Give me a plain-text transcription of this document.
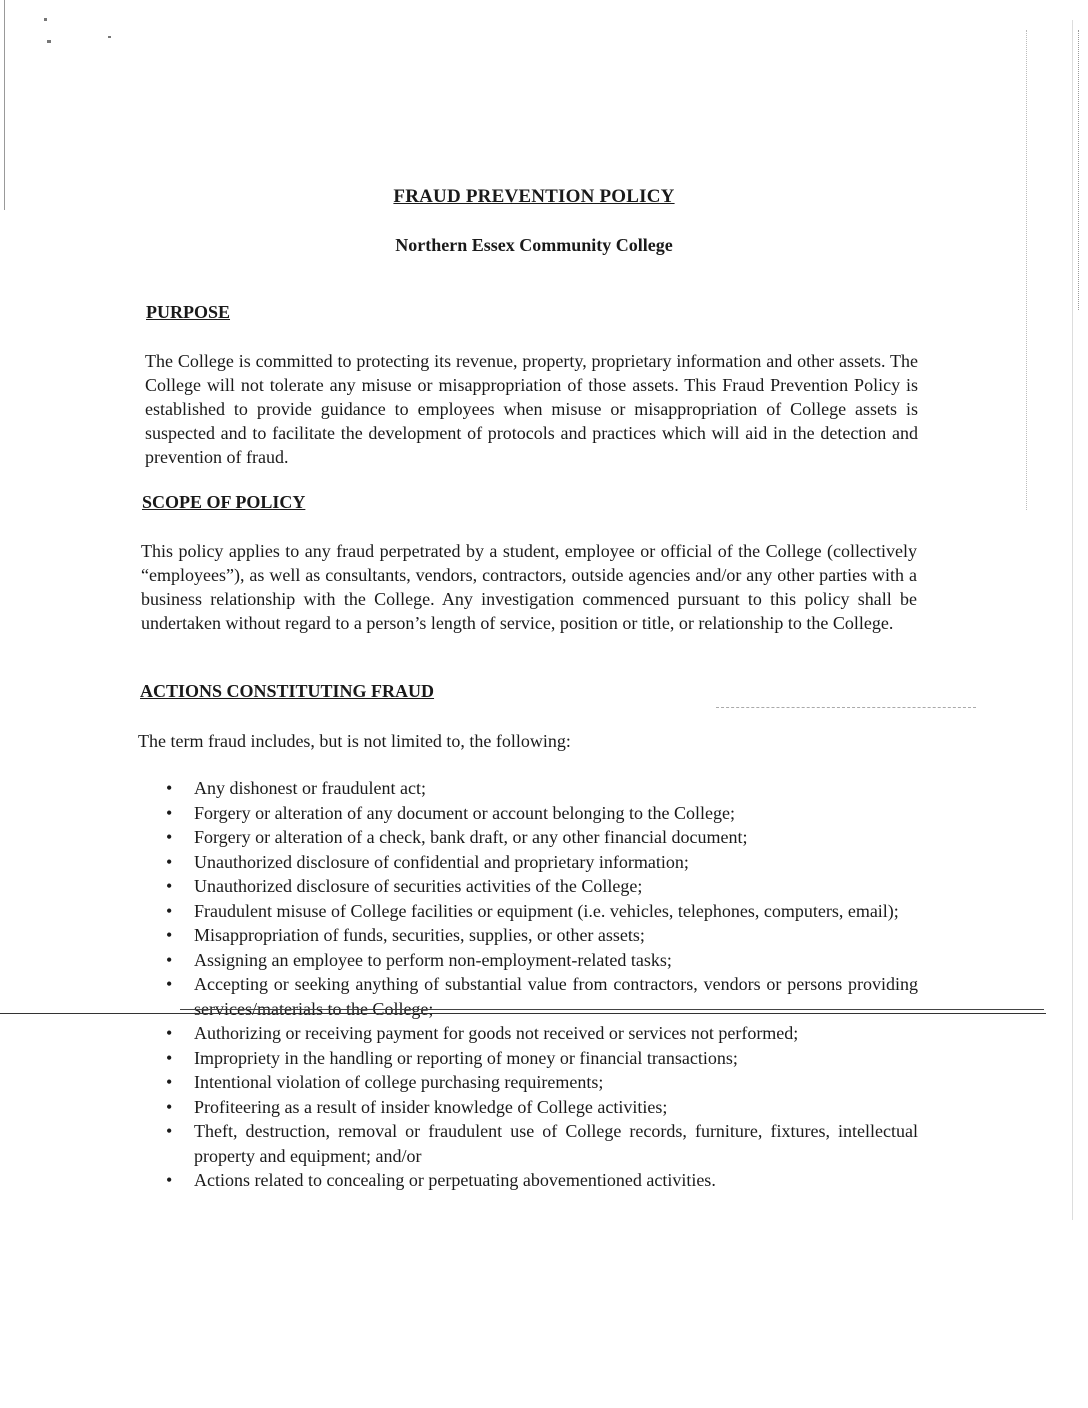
FRAUD PREVENTION POLICY
Northern Essex Community College
PURPOSE
The College is committed to protecting its revenue, property, proprietary information and other assets. The College will not tolerate any misuse or misappropriation of those assets. This Fraud Prevention Policy is established to provide guidance to employees when misuse or misappropriation of College assets is suspected and to facilitate the development of protocols and practices which will aid in the detection and prevention of fraud.
SCOPE OF POLICY
This policy applies to any fraud perpetrated by a student, employee or official of the College (collectively “employees”), as well as consultants, vendors, contractors, outside agencies and/or any other parties with a business relationship with the College. Any investigation commenced pursuant to this policy shall be undertaken without regard to a person’s length of service, position or title, or relationship to the College.
ACTIONS CONSTITUTING FRAUD
The term fraud includes, but is not limited to, the following:
• Any dishonest or fraudulent act;
• Forgery or alteration of any document or account belonging to the College;
• Forgery or alteration of a check, bank draft, or any other financial document;
• Unauthorized disclosure of confidential and proprietary information;
• Unauthorized disclosure of securities activities of the College;
• Fraudulent misuse of College facilities or equipment (i.e. vehicles, telephones, computers, email);
• Misappropriation of funds, securities, supplies, or other assets;
• Assigning an employee to perform non-employment-related tasks;
• Accepting or seeking anything of substantial value from contractors, vendors or persons providing services/materials to the College;
• Authorizing or receiving payment for goods not received or services not performed;
• Impropriety in the handling or reporting of money or financial transactions;
• Intentional violation of college purchasing requirements;
• Profiteering as a result of insider knowledge of College activities;
• Theft, destruction, removal or fraudulent use of College records, furniture, fixtures, intellectual property and equipment; and/or
• Actions related to concealing or perpetuating abovementioned activities.
